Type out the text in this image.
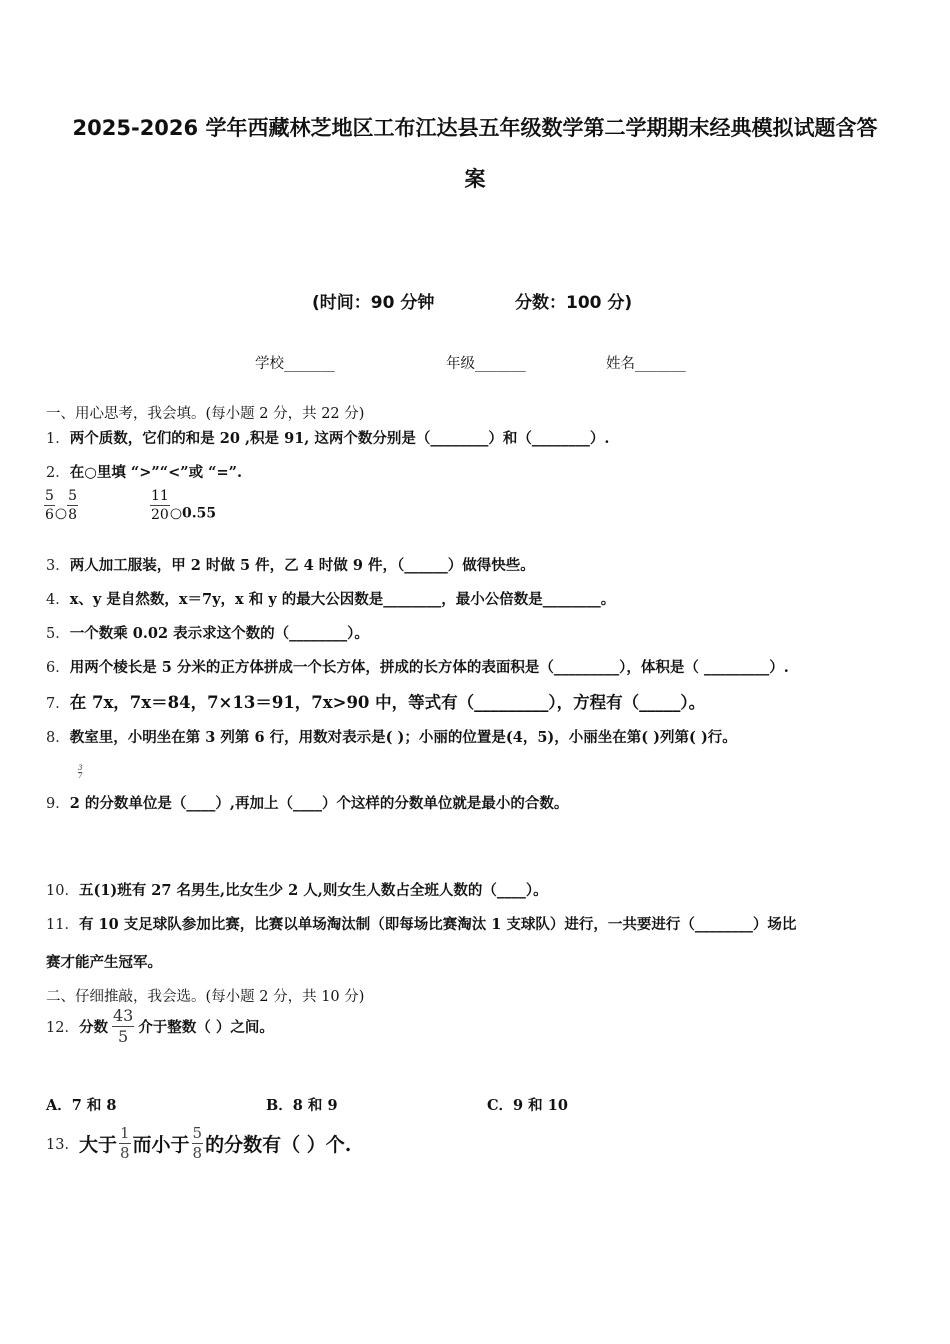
2025-2026 学年西藏林芝地区工布江达县五年级数学第二学期期末经典模拟试题含答
案
(时间：90 分钟	分数：100 分)
学校_______	年级_______	姓名_______
一、用心思考，我会填。(每小题 2 分，共 22 分)
1．两个质数，它们的和是 20 ,积是 91, 这两个数分别是（________）和（________）.
2．在○里填 “>”“<”或 “=”.
$\frac{5}{6}$ ○ $\frac{5}{8}$	$\frac{11}{20}$ ○0.55
3．两人加工服装，甲 2 时做 5 件，乙 4 时做 9 件，（______）做得快些。
4．x、y 是自然数，x＝7y，x 和 y 的最大公因数是________，最小公倍数是________。
5．一个数乘 0.02 表示求这个数的（________）。
6．用两个棱长是 5 分米的正方体拼成一个长方体，拼成的长方体的表面积是（_________），体积是（ _________）.
7．在 7x，7x＝84，7×13＝91，7x>90 中，等式有（_________），方程有（_____）。
8．教室里，小明坐在第 3 列第 6 行，用数对表示是( )；小丽的位置是(4，5)，小丽坐在第( )列第( )行。
$\frac{3}{7}$
9．2 的分数单位是（____）,再加上（____）个这样的分数单位就是最小的合数。
10．五(1)班有 27 名男生,比女生少 2 人,则女生人数占全班人数的（____）。
11．有 10 支足球队参加比赛，比赛以单场淘汰制（即每场比赛淘汰 1 支球队）进行，一共要进行（________）场比
赛才能产生冠军。
二、仔细推敲，我会选。(每小题 2 分，共 10 分)
12． 分数 $\frac{43}{5}$ 介于整数（ ）之间。
A．7 和 8	B．8 和 9	C．9 和 10
13． 大于 $\frac{1}{8}$ 而小于 $\frac{5}{8}$ 的分数有（ ）个.
